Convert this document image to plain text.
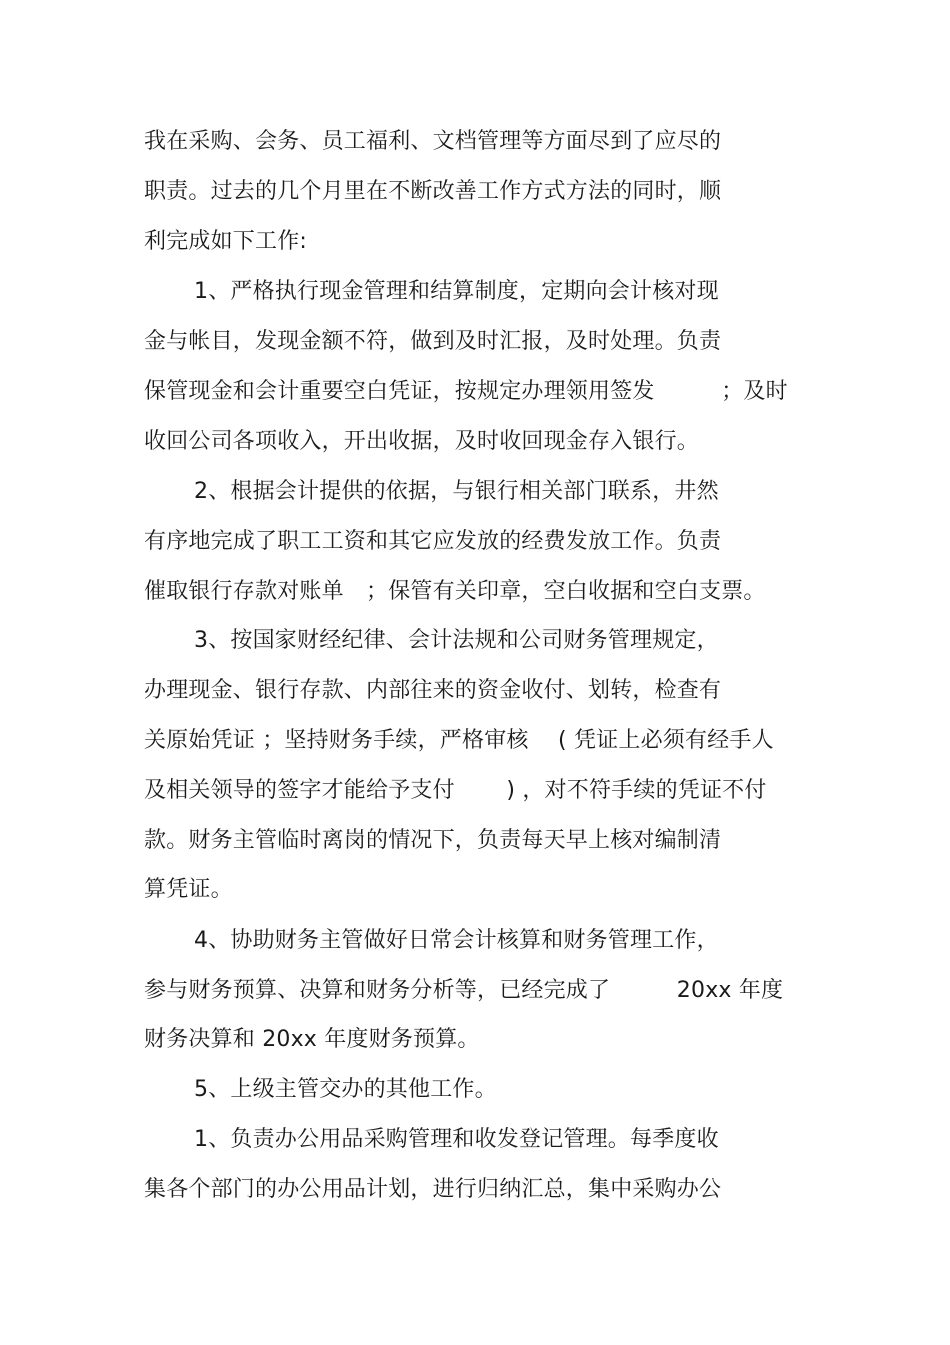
我在采购、会务、员工福利、文档管理等方面尽到了应尽的
职责。过去的几个月里在不断改善工作方式方法的同时，顺
利完成如下工作:
1、严格执行现金管理和结算制度，定期向会计核对现
金与帐目，发现金额不符，做到及时汇报，及时处理。负责
保管现金和会计重要空白凭证，按规定办理领用签发　　　；及时
收回公司各项收入，开出收据，及时收回现金存入银行。
2、根据会计提供的依据，与银行相关部门联系，井然
有序地完成了职工工资和其它应发放的经费发放工作。负责
催取银行存款对账单　；保管有关印章，空白收据和空白支票。
3、按国家财经纪律、会计法规和公司财务管理规定，
办理现金、银行存款、内部往来的资金收付、划转，检查有
关原始凭证 ；坚持财务手续，严格审核　 ( 凭证上必须有经手人
及相关领导的签字才能给予支付　　 ) ，对不符手续的凭证不付
款。财务主管临时离岗的情况下，负责每天早上核对编制清
算凭证。
4、协助财务主管做好日常会计核算和财务管理工作，
参与财务预算、决算和财务分析等，已经完成了　　　20xx 年度
财务决算和 20xx 年度财务预算。
5、上级主管交办的其他工作。
1、负责办公用品采购管理和收发登记管理。每季度收
集各个部门的办公用品计划，进行归纳汇总，集中采购办公
